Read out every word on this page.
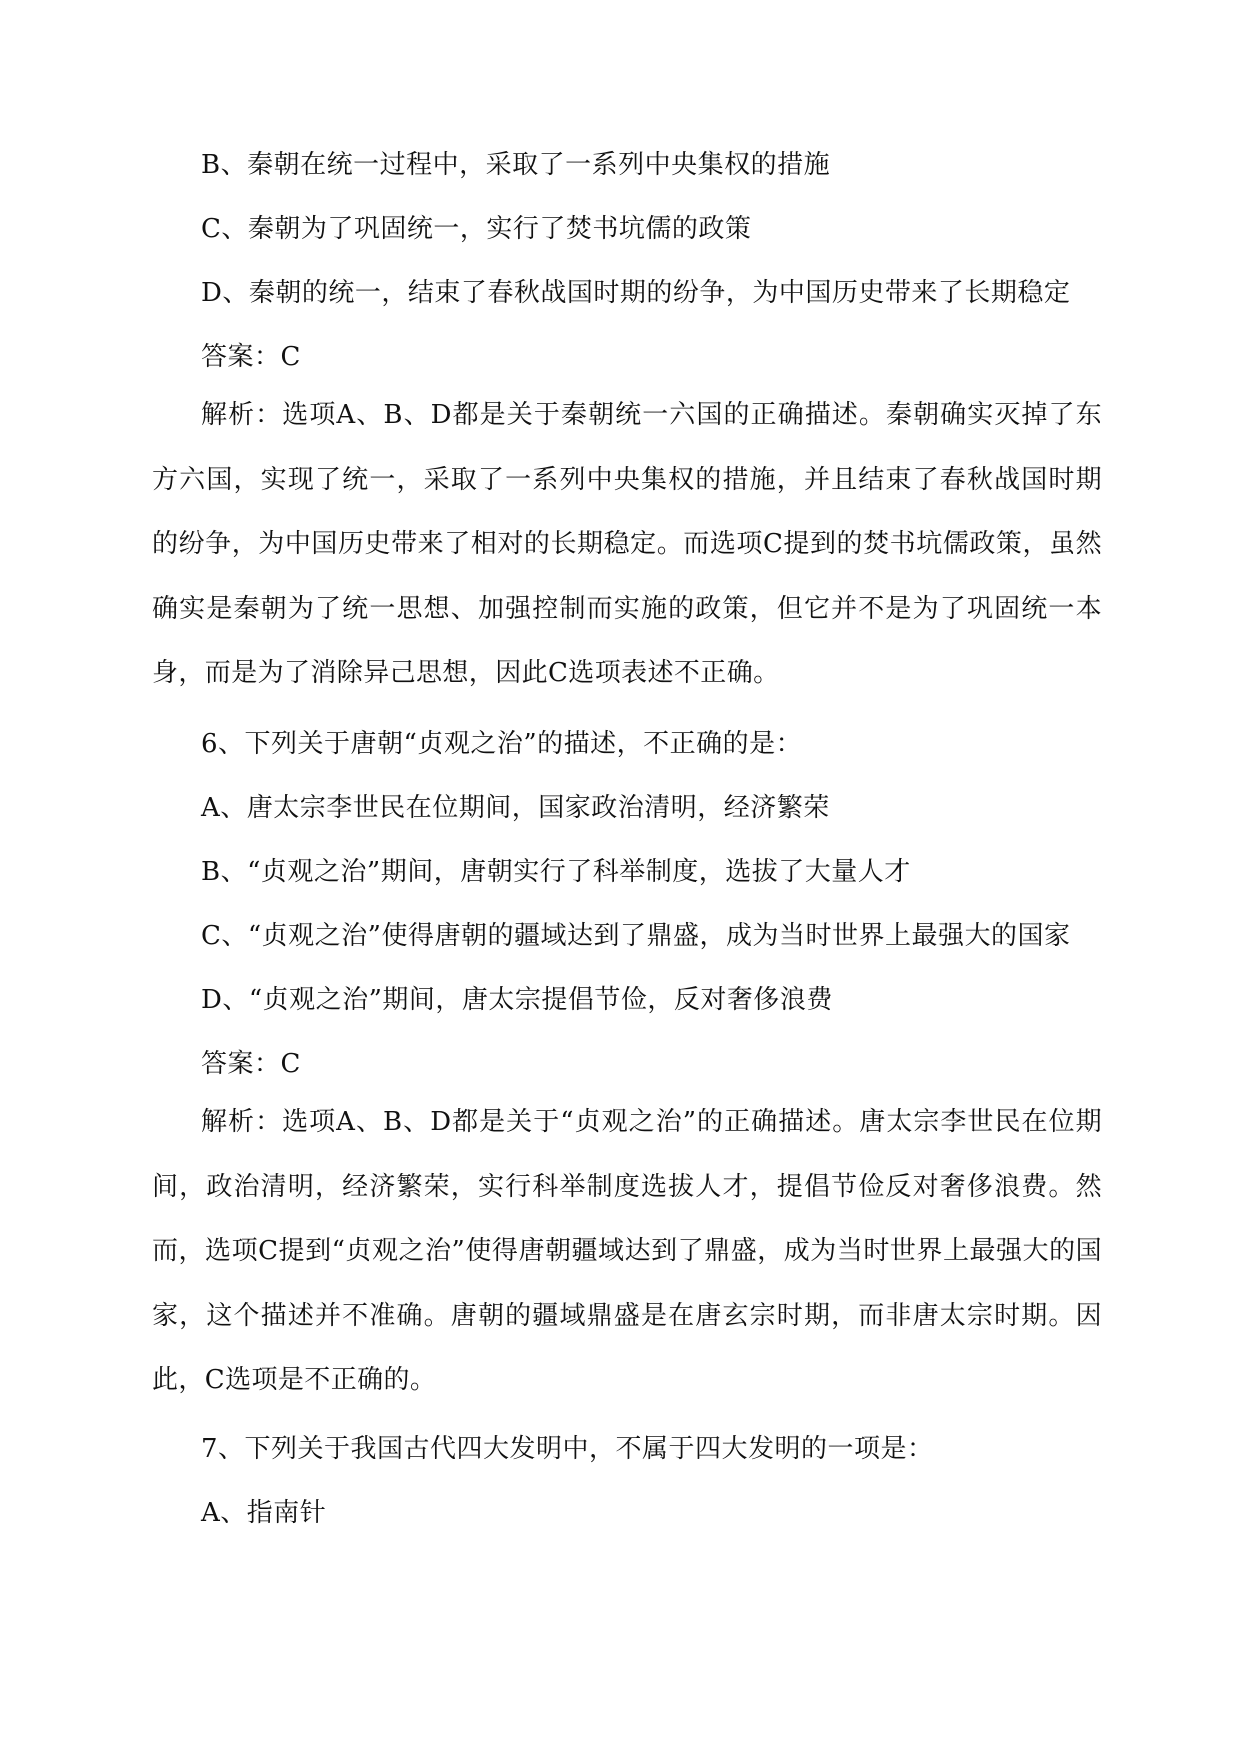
B、秦朝在统一过程中，采取了一系列中央集权的措施
C、秦朝为了巩固统一，实行了焚书坑儒的政策
D、秦朝的统一，结束了春秋战国时期的纷争，为中国历史带来了长期稳定
答案：C
解析：选项A、B、D都是关于秦朝统一六国的正确描述。秦朝确实灭掉了东方六国，实现了统一，采取了一系列中央集权的措施，并且结束了春秋战国时期的纷争，为中国历史带来了相对的长期稳定。而选项C提到的焚书坑儒政策，虽然确实是秦朝为了统一思想、加强控制而实施的政策，但它并不是为了巩固统一本身，而是为了消除异己思想，因此C选项表述不正确。
6、下列关于唐朝“贞观之治”的描述，不正确的是：
A、唐太宗李世民在位期间，国家政治清明，经济繁荣
B、“贞观之治”期间，唐朝实行了科举制度，选拔了大量人才
C、“贞观之治”使得唐朝的疆域达到了鼎盛，成为当时世界上最强大的国家
D、“贞观之治”期间，唐太宗提倡节俭，反对奢侈浪费
答案：C
解析：选项A、B、D都是关于“贞观之治”的正确描述。唐太宗李世民在位期间，政治清明，经济繁荣，实行科举制度选拔人才，提倡节俭反对奢侈浪费。然而，选项C提到“贞观之治”使得唐朝疆域达到了鼎盛，成为当时世界上最强大的国家，这个描述并不准确。唐朝的疆域鼎盛是在唐玄宗时期，而非唐太宗时期。因此，C选项是不正确的。
7、下列关于我国古代四大发明中，不属于四大发明的一项是：
A、指南针
